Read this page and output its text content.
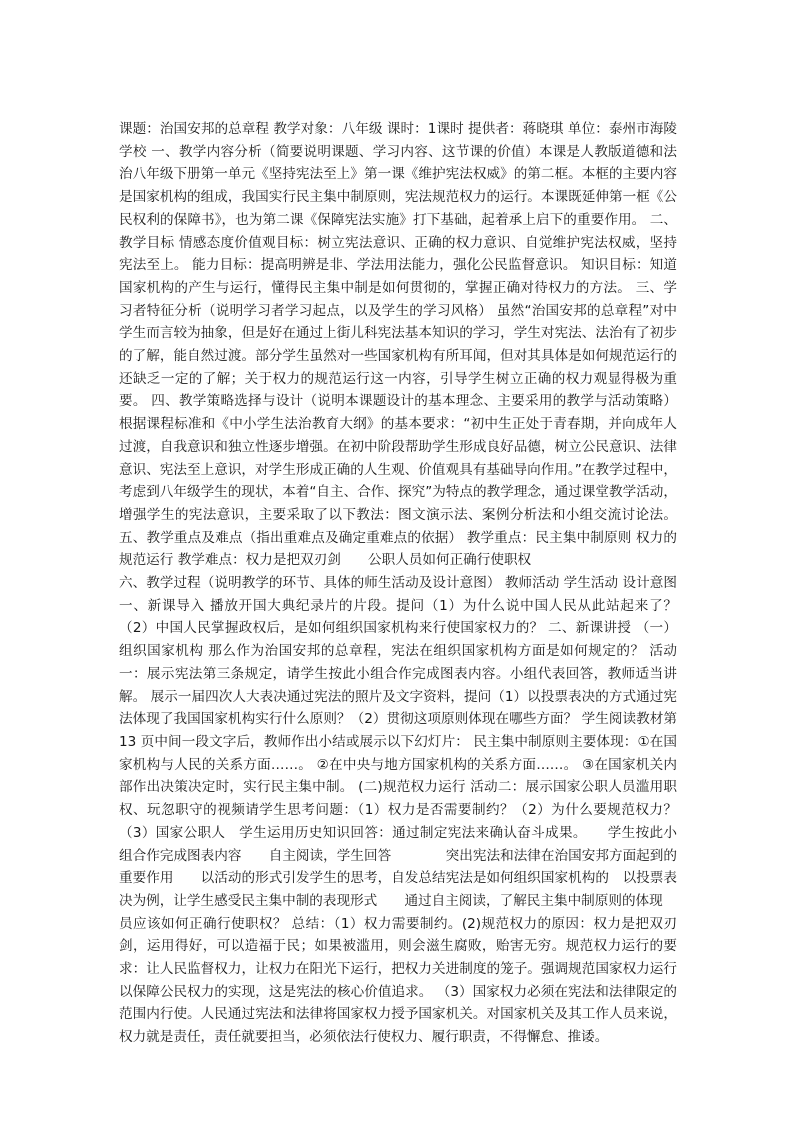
课题：治国安邦的总章程 教学对象：八年级 课时：1课时 提供者：蒋晓琪 单位：泰州市海陵学校 一、教学内容分析（简要说明课题、学习内容、这节课的价值）本课是人教版道德和法治八年级下册第一单元《坚持宪法至上》第一课《维护宪法权威》的第二框。本框的主要内容是国家机构的组成，我国实行民主集中制原则，宪法规范权力的运行。本课既延伸第一框《公民权利的保障书》，也为第二课《保障宪法实施》打下基础，起着承上启下的重要作用。 二、教学目标 情感态度价值观目标：树立宪法意识、正确的权力意识、自觉维护宪法权威，坚持宪法至上。 能力目标：提高明辨是非、学法用法能力，强化公民监督意识。 知识目标：知道国家机构的产生与运行，懂得民主集中制是如何贯彻的，掌握正确对待权力的方法。 三、学习者特征分析（说明学习者学习起点，以及学生的学习风格） 虽然“治国安邦的总章程”对中学生而言较为抽象，但是好在通过上街儿科宪法基本知识的学习，学生对宪法、法治有了初步的了解，能自然过渡。部分学生虽然对一些国家机构有所耳闻，但对其具体是如何规范运行的还缺乏一定的了解；关于权力的规范运行这一内容，引导学生树立正确的权力观显得极为重要。 四、教学策略选择与设计（说明本课题设计的基本理念、主要采用的教学与活动策略） 根据课程标准和《中小学生法治教育大纲》的基本要求：“初中生正处于青春期，并向成年人过渡，自我意识和独立性逐步增强。在初中阶段帮助学生形成良好品德，树立公民意识、法律意识、宪法至上意识，对学生形成正确的人生观、价值观具有基础导向作用。”在教学过程中，考虑到八年级学生的现状，本着“自主、合作、探究”为特点的教学理念，通过课堂教学活动，增强学生的宪法意识，主要采取了以下教法：图文演示法、案例分析法和小组交流讨论法。 五、教学重点及难点（指出重难点及确定重难点的依据） 教学重点：民主集中制原则 权力的规范运行 教学难点：权力是把双刃剑　　公职人员如何正确行使职权

六、教学过程（说明教学的环节、具体的师生活动及设计意图） 教师活动 学生活动 设计意图一、新课导入 播放开国大典纪录片的片段。提问（1）为什么说中国人民从此站起来了？（2）中国人民掌握政权后，是如何组织国家机构来行使国家权力的？ 二、新课讲授 （一）组织国家机构 那么作为治国安邦的总章程，宪法在组织国家机构方面是如何规定的？ 活动一：展示宪法第三条规定，请学生按此小组合作完成图表内容。小组代表回答，教师适当讲解。 展示一届四次人大表决通过宪法的照片及文字资料，提问（1）以投票表决的方式通过宪法体现了我国国家机构实行什么原则？（2）贯彻这项原则体现在哪些方面？ 学生阅读教材第 13 页中间一段文字后，教师作出小结或展示以下幻灯片： 民主集中制原则主要体现：①在国家机构与人民的关系方面……。 ②在中央与地方国家机构的关系方面……。 ③在国家机关内部作出决策决定时，实行民主集中制。 (二)规范权力运行 活动二：展示国家公职人员滥用职权、玩忽职守的视频请学生思考问题：（1）权力是否需要制约？（2）为什么要规范权力？ （3）国家公职人　学生运用历史知识回答：通过制定宪法来确认奋斗成果。　　学生按此小组合作完成图表内容　　自主阅读，学生回答　　　　突出宪法和法律在治国安邦方面起到的重要作用　　以活动的形式引发学生的思考，自发总结宪法是如何组织国家机构的　以投票表决为例，让学生感受民主集中制的表现形式　　通过自主阅读，了解民主集中制原则的体现

员应该如何正确行使职权？ 总结：（1）权力需要制约。(2)规范权力的原因：权力是把双刃剑，运用得好，可以造福于民；如果被滥用，则会滋生腐败，贻害无穷。规范权力运行的要求：让人民监督权力，让权力在阳光下运行，把权力关进制度的笼子。强调规范国家权力运行以保障公民权力的实现，这是宪法的核心价值追求。 （3）国家权力必须在宪法和法律限定的范围内行使。人民通过宪法和法律将国家权力授予国家机关。对国家机关及其工作人员来说，权力就是责任，责任就要担当，必须依法行使权力、履行职责，不得懈怠、推诿。
